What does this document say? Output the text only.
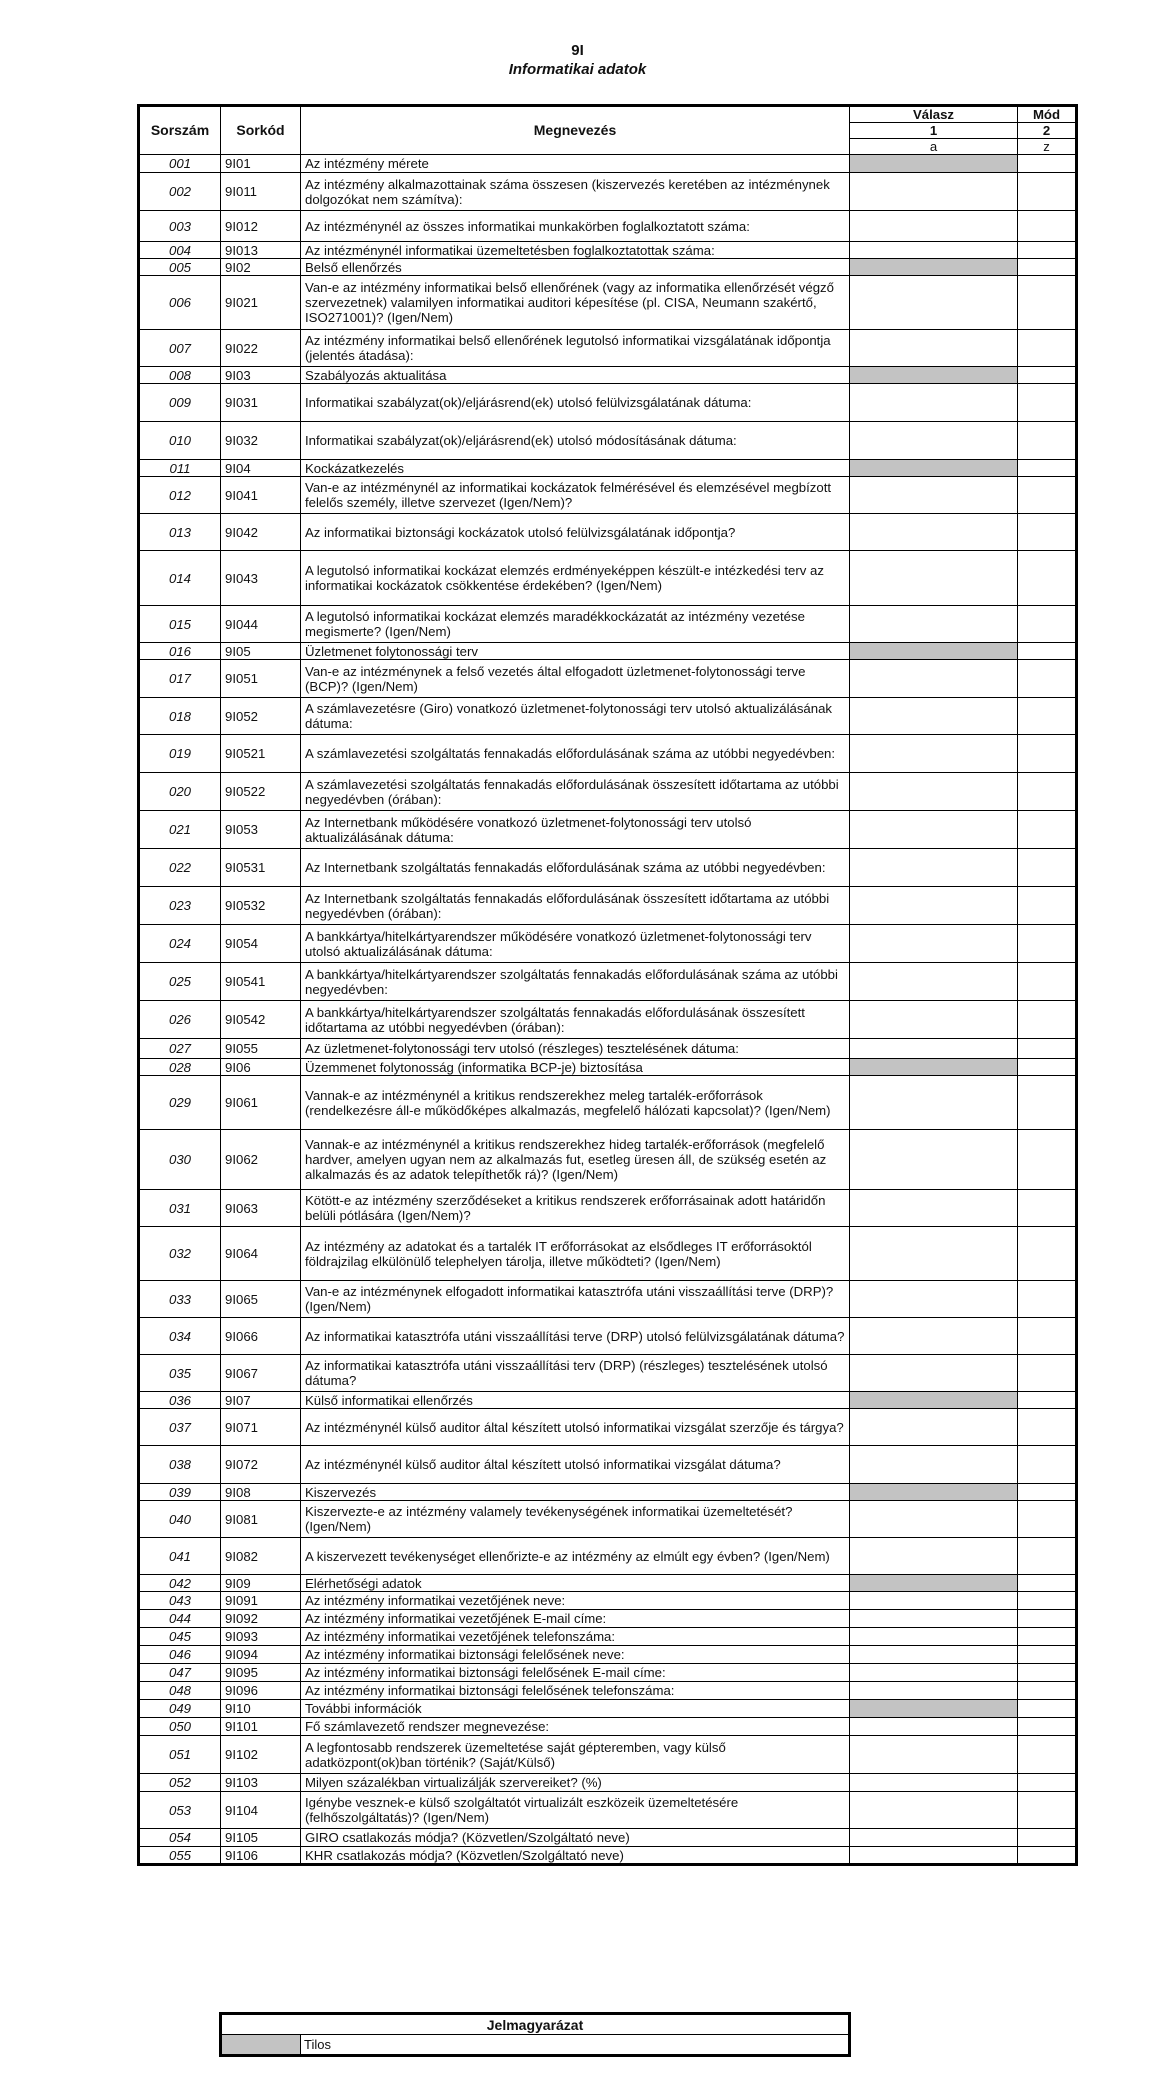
9I
Informatikai adatok
Sorszám	Sorkód	Megnevezés	Válasz	Mód
			1	2
			a	z
001	9I01	Az intézmény mérete		
002	9I011	Az intézmény alkalmazottainak száma összesen (kiszervezés keretében az intézménynek dolgozókat nem számítva):		
003	9I012	Az intézménynél az összes informatikai munkakörben foglalkoztatott száma:		
004	9I013	Az intézménynél informatikai üzemeltetésben foglalkoztatottak száma:		
005	9I02	Belső ellenőrzés		
006	9I021	Van-e az intézmény informatikai belső ellenőrének (vagy az informatika ellenőrzését végző szervezetnek) valamilyen informatikai auditori képesítése (pl. CISA, Neumann szakértő, ISO271001)? (Igen/Nem)		
007	9I022	Az intézmény informatikai belső ellenőrének legutolsó informatikai vizsgálatának időpontja (jelentés átadása):		
008	9I03	Szabályozás aktualitása		
009	9I031	Informatikai szabályzat(ok)/eljárásrend(ek) utolsó felülvizsgálatának dátuma:		
010	9I032	Informatikai szabályzat(ok)/eljárásrend(ek) utolsó módosításának dátuma:		
011	9I04	Kockázatkezelés		
012	9I041	Van-e az intézménynél az informatikai kockázatok felmérésével és elemzésével megbízott felelős személy, illetve szervezet (Igen/Nem)?		
013	9I042	Az informatikai biztonsági kockázatok utolsó felülvizsgálatának időpontja?		
014	9I043	A legutolsó informatikai kockázat elemzés erdményeképpen készült-e intézkedési terv az informatikai kockázatok csökkentése érdekében? (Igen/Nem)		
015	9I044	A legutolsó informatikai kockázat elemzés maradékkockázatát az intézmény vezetése megismerte? (Igen/Nem)		
016	9I05	Üzletmenet folytonossági terv		
017	9I051	Van-e az intézménynek a felső vezetés által elfogadott üzletmenet-folytonossági terve (BCP)? (Igen/Nem)		
018	9I052	A számlavezetésre (Giro) vonatkozó üzletmenet-folytonossági terv utolsó aktualizálásának dátuma:		
019	9I0521	A számlavezetési szolgáltatás fennakadás előfordulásának száma az utóbbi negyedévben:		
020	9I0522	A számlavezetési szolgáltatás fennakadás előfordulásának összesített időtartama az utóbbi negyedévben (órában):		
021	9I053	Az Internetbank működésére vonatkozó üzletmenet-folytonossági terv utolsó aktualizálásának dátuma:		
022	9I0531	Az Internetbank szolgáltatás fennakadás előfordulásának száma az utóbbi negyedévben:		
023	9I0532	Az Internetbank szolgáltatás fennakadás előfordulásának összesített időtartama az utóbbi negyedévben (órában):		
024	9I054	A bankkártya/hitelkártyarendszer működésére vonatkozó üzletmenet-folytonossági terv utolsó aktualizálásának dátuma:		
025	9I0541	A bankkártya/hitelkártyarendszer szolgáltatás fennakadás előfordulásának száma az utóbbi negyedévben:		
026	9I0542	A bankkártya/hitelkártyarendszer szolgáltatás fennakadás előfordulásának összesített időtartama az utóbbi negyedévben (órában):		
027	9I055	Az üzletmenet-folytonossági terv utolsó (részleges) tesztelésének dátuma:		
028	9I06	Üzemmenet folytonosság (informatika BCP-je) biztosítása		
029	9I061	Vannak-e az intézménynél a kritikus rendszerekhez meleg tartalék-erőforrások (rendelkezésre áll-e működőképes alkalmazás, megfelelő hálózati kapcsolat)? (Igen/Nem)		
030	9I062	Vannak-e az intézménynél a kritikus rendszerekhez hideg tartalék-erőforrások (megfelelő hardver, amelyen ugyan nem az alkalmazás fut, esetleg üresen áll, de szükség esetén az alkalmazás és az adatok telepíthetők rá)? (Igen/Nem)		
031	9I063	Kötött-e az intézmény szerződéseket a kritikus rendszerek erőforrásainak adott határidőn belüli pótlására (Igen/Nem)?		
032	9I064	Az intézmény az adatokat és a tartalék IT erőforrásokat az elsődleges IT erőforrásoktól földrajzilag elkülönülő telephelyen tárolja, illetve működteti? (Igen/Nem)		
033	9I065	Van-e az intézménynek elfogadott informatikai katasztrófa utáni visszaállítási terve (DRP)? (Igen/Nem)		
034	9I066	Az informatikai katasztrófa utáni visszaállítási terve (DRP) utolsó felülvizsgálatának dátuma?		
035	9I067	Az informatikai katasztrófa utáni visszaállítási terv (DRP) (részleges) tesztelésének utolsó dátuma?		
036	9I07	Külső informatikai ellenőrzés		
037	9I071	Az intézménynél külső auditor által készített utolsó informatikai vizsgálat szerzője és tárgya?		
038	9I072	Az intézménynél külső auditor által készített utolsó informatikai vizsgálat dátuma?		
039	9I08	Kiszervezés		
040	9I081	Kiszervezte-e az intézmény valamely tevékenységének informatikai üzemeltetését? (Igen/Nem)		
041	9I082	A kiszervezett tevékenységet ellenőrizte-e az intézmény az elmúlt egy évben? (Igen/Nem)		
042	9I09	Elérhetőségi adatok		
043	9I091	Az intézmény informatikai vezetőjének neve:		
044	9I092	Az intézmény informatikai vezetőjének E-mail címe:		
045	9I093	Az intézmény informatikai vezetőjének telefonszáma:		
046	9I094	Az intézmény informatikai biztonsági felelősének neve:		
047	9I095	Az intézmény informatikai biztonsági felelősének E-mail címe:		
048	9I096	Az intézmény informatikai biztonsági felelősének telefonszáma:		
049	9I10	További információk		
050	9I101	Fő számlavezető rendszer megnevezése:		
051	9I102	A legfontosabb rendszerek üzemeltetése saját gépteremben, vagy külső adatközpont(ok)ban történik? (Saját/Külső)		
052	9I103	Milyen százalékban virtualizálják szervereiket? (%)		
053	9I104	Igénybe vesznek-e külső szolgáltatót virtualizált eszközeik üzemeltetésére (felhőszolgáltatás)? (Igen/Nem)		
054	9I105	GIRO csatlakozás módja? (Közvetlen/Szolgáltató neve)		
055	9I106	KHR csatlakozás módja? (Közvetlen/Szolgáltató neve)		
Jelmagyarázat
	Tilos
